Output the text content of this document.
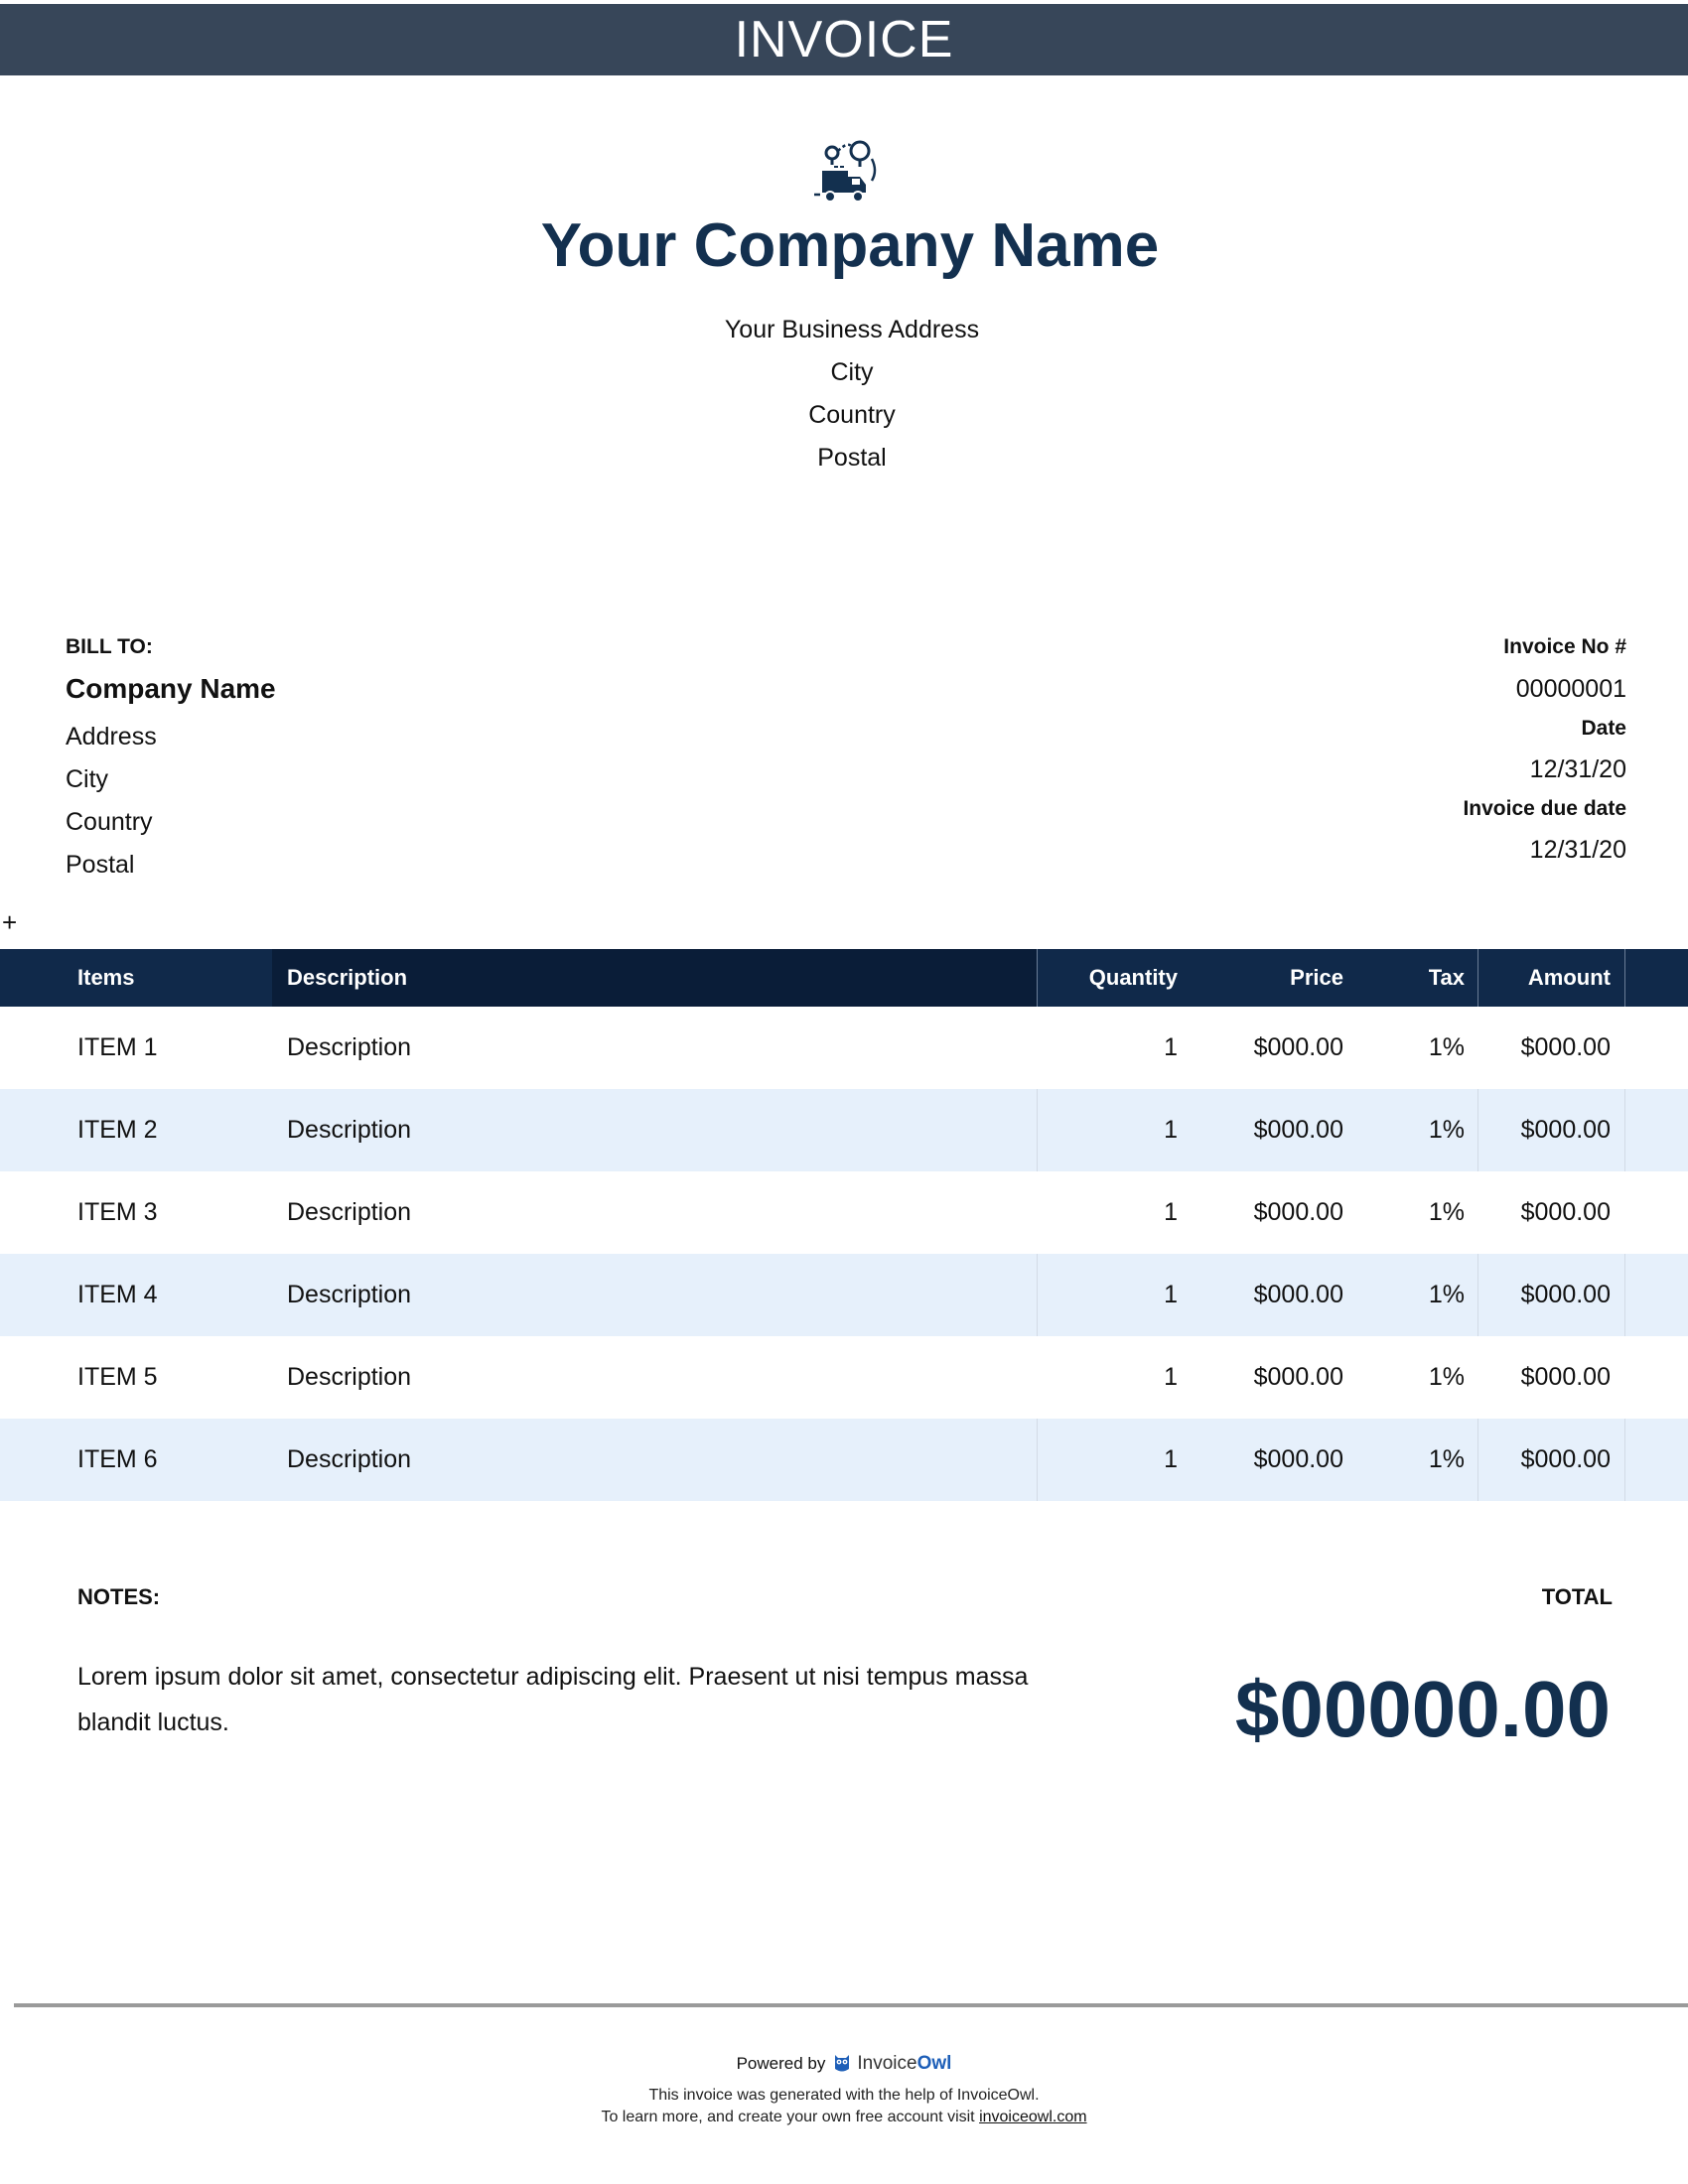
INVOICE
Your Company Name
Your Business Address
City
Country
Postal
BILL TO:
Company Name
Address
City
Country
Postal
Invoice No #
00000001
Date
12/31/20
Invoice due date
12/31/20
+
Items	Description	Quantity	Price	Tax	Amount
ITEM 1	Description	1	$000.00	1% $000.00
ITEM 2	Description	1	$000.00	1% $000.00
ITEM 3	Description	1	$000.00	1% $000.00
ITEM 4	Description	1	$000.00	1% $000.00
ITEM 5	Description	1	$000.00	1% $000.00
ITEM 6	Description	1	$000.00	1% $000.00
NOTES:
Lorem ipsum dolor sit amet, consectetur adipiscing elit. Praesent ut nisi tempus massa blandit luctus.
TOTAL
$00000.00
Powered by Invoice Owl
This invoice was generated with the help of InvoiceOwl.
To learn more, and create your own free account visit invoiceowl.com
